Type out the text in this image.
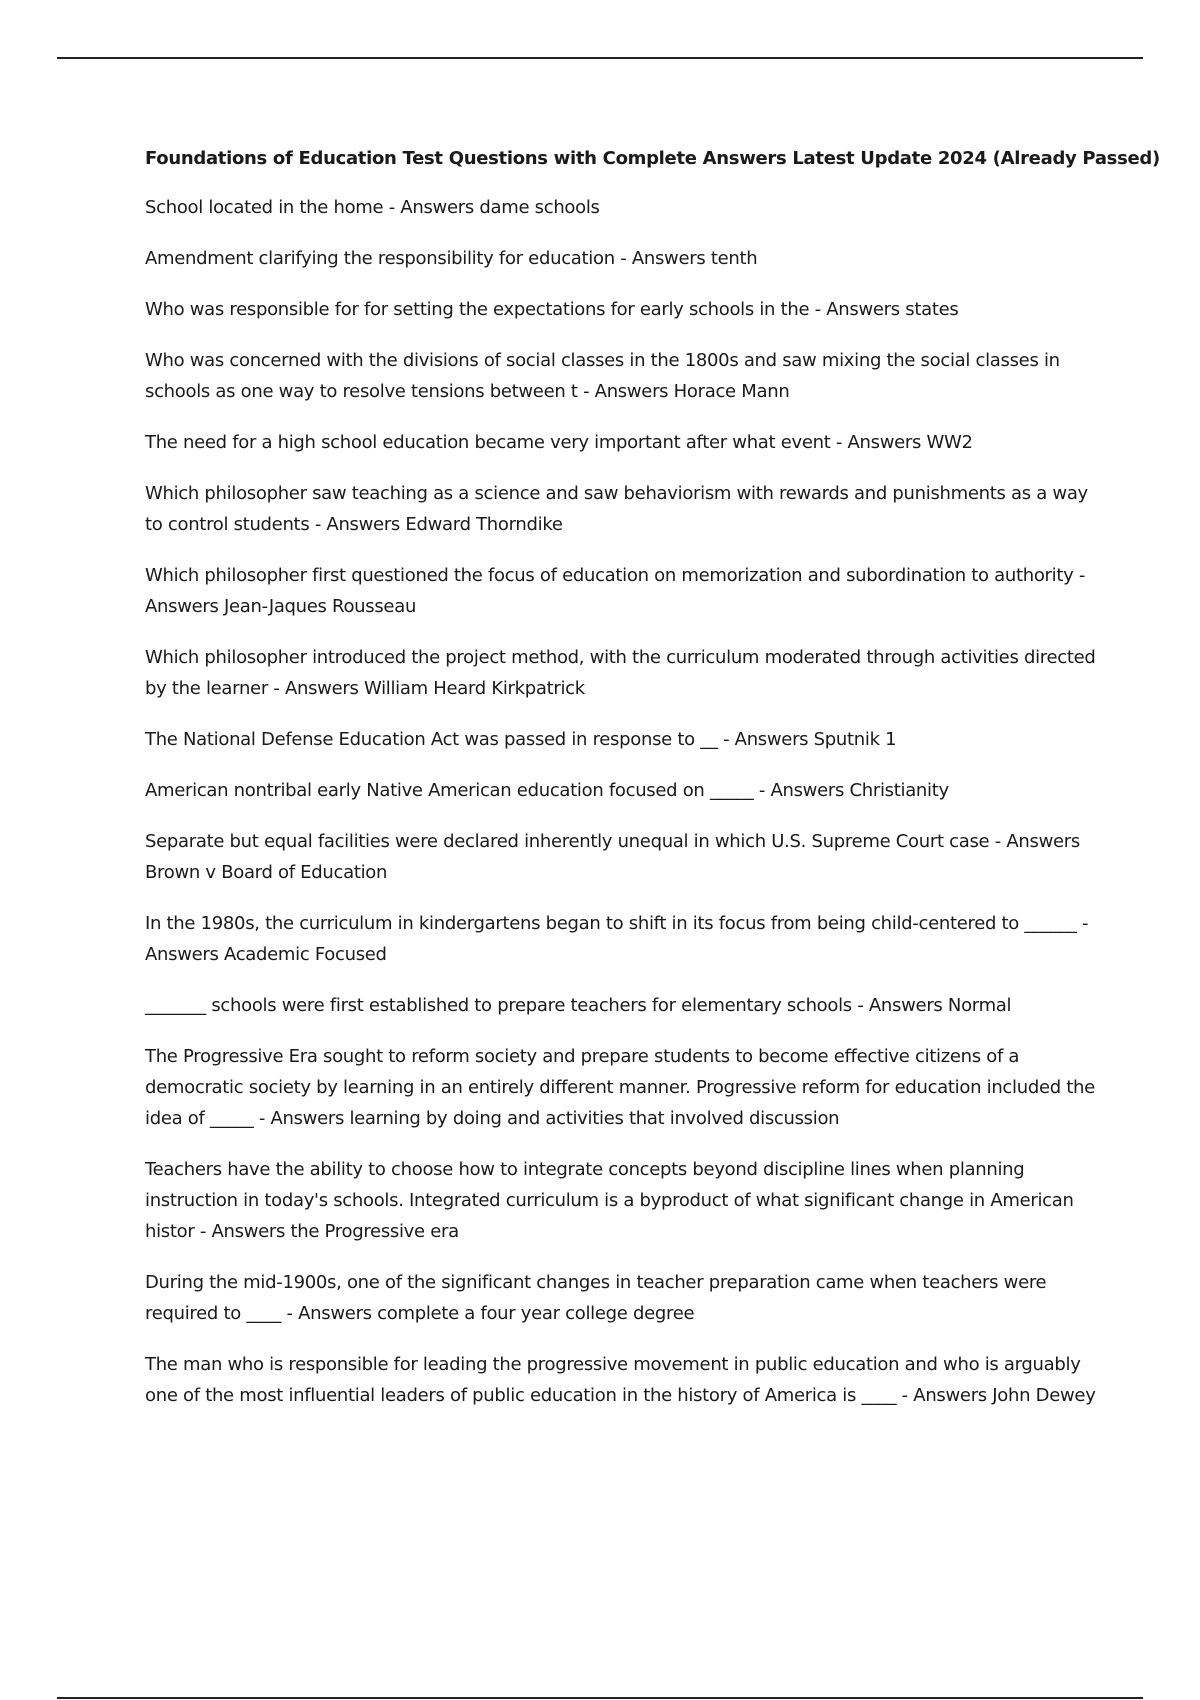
Foundations of Education Test Questions with Complete Answers Latest Update 2024 (Already Passed)
School located in the home - Answers dame schools
Amendment clarifying the responsibility for education - Answers tenth
Who was responsible for for setting the expectations for early schools in the - Answers states
Who was concerned with the divisions of social classes in the 1800s and saw mixing the social classes in schools as one way to resolve tensions between t - Answers Horace Mann
The need for a high school education became very important after what event - Answers WW2
Which philosopher saw teaching as a science and saw behaviorism with rewards and punishments as a way to control students - Answers Edward Thorndike
Which philosopher first questioned the focus of education on memorization and subordination to authority - Answers Jean-Jaques Rousseau
Which philosopher introduced the project method, with the curriculum moderated through activities directed by the learner - Answers William Heard Kirkpatrick
The National Defense Education Act was passed in response to __ - Answers Sputnik 1
American nontribal early Native American education focused on _____ - Answers Christianity
Separate but equal facilities were declared inherently unequal in which U.S. Supreme Court case - Answers Brown v Board of Education
In the 1980s, the curriculum in kindergartens began to shift in its focus from being child-centered to ______ - Answers Academic Focused
_______ schools were first established to prepare teachers for elementary schools - Answers Normal
The Progressive Era sought to reform society and prepare students to become effective citizens of a democratic society by learning in an entirely different manner. Progressive reform for education included the idea of _____ - Answers learning by doing and activities that involved discussion
Teachers have the ability to choose how to integrate concepts beyond discipline lines when planning instruction in today's schools. Integrated curriculum is a byproduct of what significant change in American histor - Answers the Progressive era
During the mid-1900s, one of the significant changes in teacher preparation came when teachers were required to ____ - Answers complete a four year college degree
The man who is responsible for leading the progressive movement in public education and who is arguably one of the most influential leaders of public education in the history of America is ____ - Answers John Dewey
